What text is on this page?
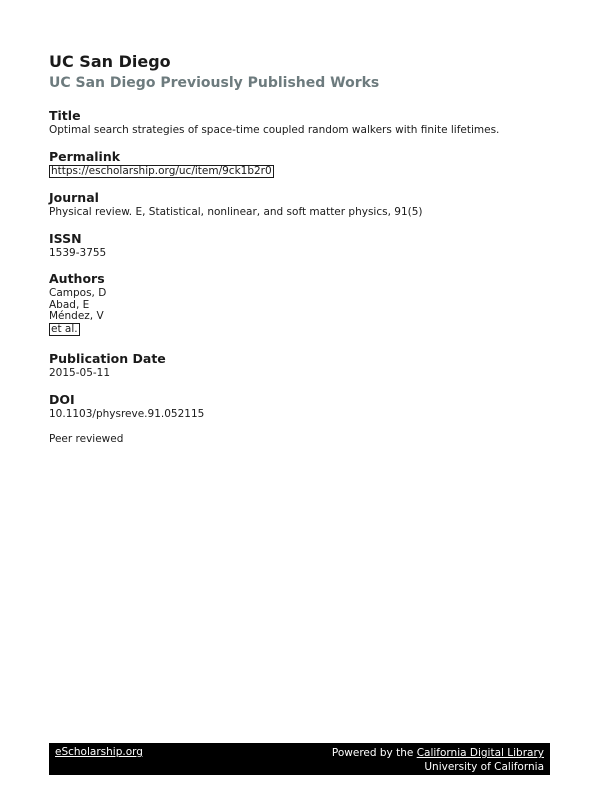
UC San Diego

UC San Diego Previously Published Works

Title

Optimal search strategies of space-time coupled random walkers with finite lifetimes.

Permalink

https://escholarship.org/uc/item/9ck1b2r0

Journal

Physical review. E, Statistical, nonlinear, and soft matter physics, 91(5)

ISSN

1539-3755

Authors

Campos, D

Abad, E

Méndez, V

et al.

Publication Date

2015-05-11

DOI

10.1103/physreve.91.052115

Peer reviewed

eScholarship.org	Powered by the California Digital Library
University of California
